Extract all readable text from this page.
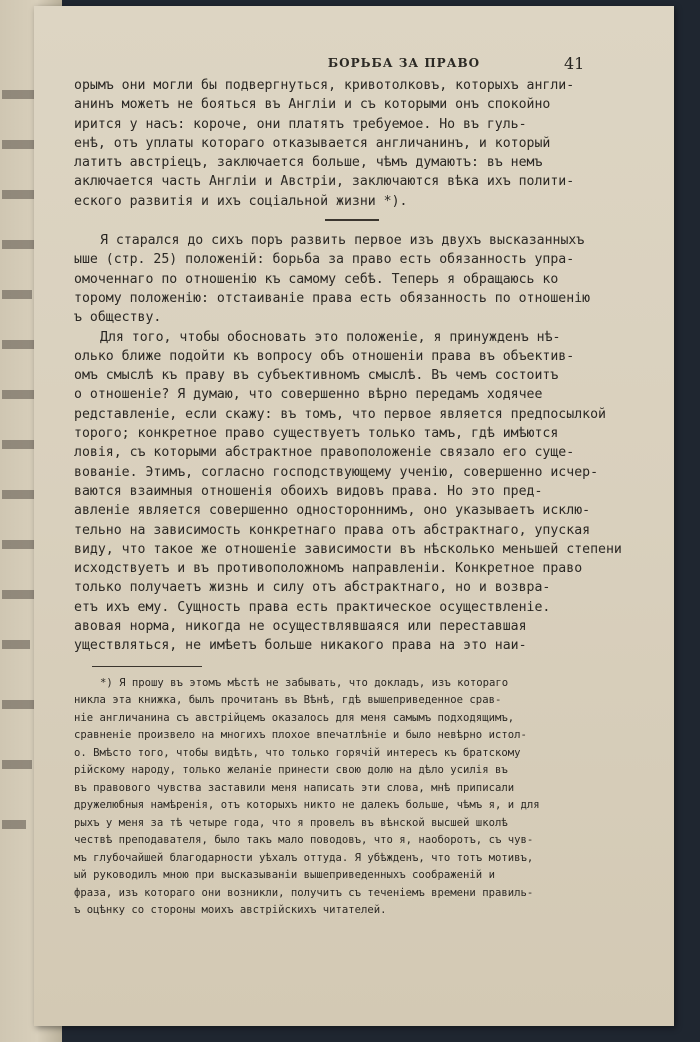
БОРЬБА ЗА ПРАВО	41
орымъ они могли бы подвергнуться, кривотолковъ, которыхъ англи-
анинъ можетъ не бояться въ Англіи и съ которыми онъ спокойно
ирится у насъ: короче, они платятъ требуемое. Но въ гуль-
енѣ, отъ уплаты котораго отказывается англичанинъ, и который
латитъ австріецъ, заключается больше, чѣмъ думаютъ: въ немъ
аключается часть Англіи и Австріи, заключаются вѣка ихъ полити-
еского развитія и ихъ соціальной жизни *).
Я старался до сихъ поръ развить первое изъ двухъ высказанныхъ
ыше (стр. 25) положеній: борьба за право есть обязанность упра-
омоченнаго по отношенію къ самому себѣ. Теперь я обращаюсь ко
торому положенію: отстаиваніе права есть обязанность по отношенію
ъ обществу.
Для того, чтобы обосновать это положеніе, я принужденъ нѣ-
олько ближе подойти къ вопросу объ отношеніи права въ объектив-
омъ смыслѣ къ праву въ субъективномъ смыслѣ. Въ чемъ состоитъ
о отношеніе? Я думаю, что совершенно вѣрно передамъ ходячее
редставленіе, если скажу: въ томъ, что первое является предпосылкой
торого; конкретное право существуетъ только тамъ, гдѣ имѣются
ловія, съ которыми абстрактное правоположеніе связало его суще-
вованіе. Этимъ, согласно господствующему ученію, совершенно исчер-
ваются взаимныя отношенія обоихъ видовъ права. Но это пред-
авленіе является совершенно одностороннимъ, оно указываетъ исклю-
тельно на зависимость конкретнаго права отъ абстрактнаго, упуская
виду, что такое же отношеніе зависимости въ нѣсколько меньшей степени
исходствуетъ и въ противоположномъ направленіи. Конкретное право
только получаетъ жизнь и силу отъ абстрактнаго, но и возвра-
етъ ихъ ему. Сущность права есть практическое осуществленіе.
авовая норма, никогда не осуществлявшаяся или переставшая
уществляться, не имѣетъ больше никакого права на это наи-
*) Я прошу въ этомъ мѣстѣ не забывать, что докладъ, изъ котораго
никла эта книжка, былъ прочитанъ въ Вѣнѣ, гдѣ вышеприведенное срав-
ніе англичанина съ австрійцемъ оказалось для меня самымъ подходящимъ,
сравненіе произвело на многихъ плохое впечатлѣніе и было невѣрно истол-
о. Вмѣсто того, чтобы видѣть, что только горячій интересъ къ братскому
рійскому народу, только желаніе принести свою долю на дѣло усилія въ
въ правового чувства заставили меня написать эти слова, мнѣ приписали
дружелюбныя намѣренія, отъ которыхъ никто не далекъ больше, чѣмъ я, и для
рыхъ у меня за тѣ четыре года, что я провелъ въ вѣнской высшей школѣ
чествѣ преподавателя, было такъ мало поводовъ, что я, наоборотъ, съ чув-
мъ глубочайшей благодарности уѣхалъ оттуда. Я убѣжденъ, что тотъ мотивъ,
ый руководилъ мною при высказываніи вышеприведенныхъ соображеній и
фраза, изъ котораго они возникли, получитъ съ теченіемъ времени правиль-
ъ оцѣнку со стороны моихъ австрійскихъ читателей.
